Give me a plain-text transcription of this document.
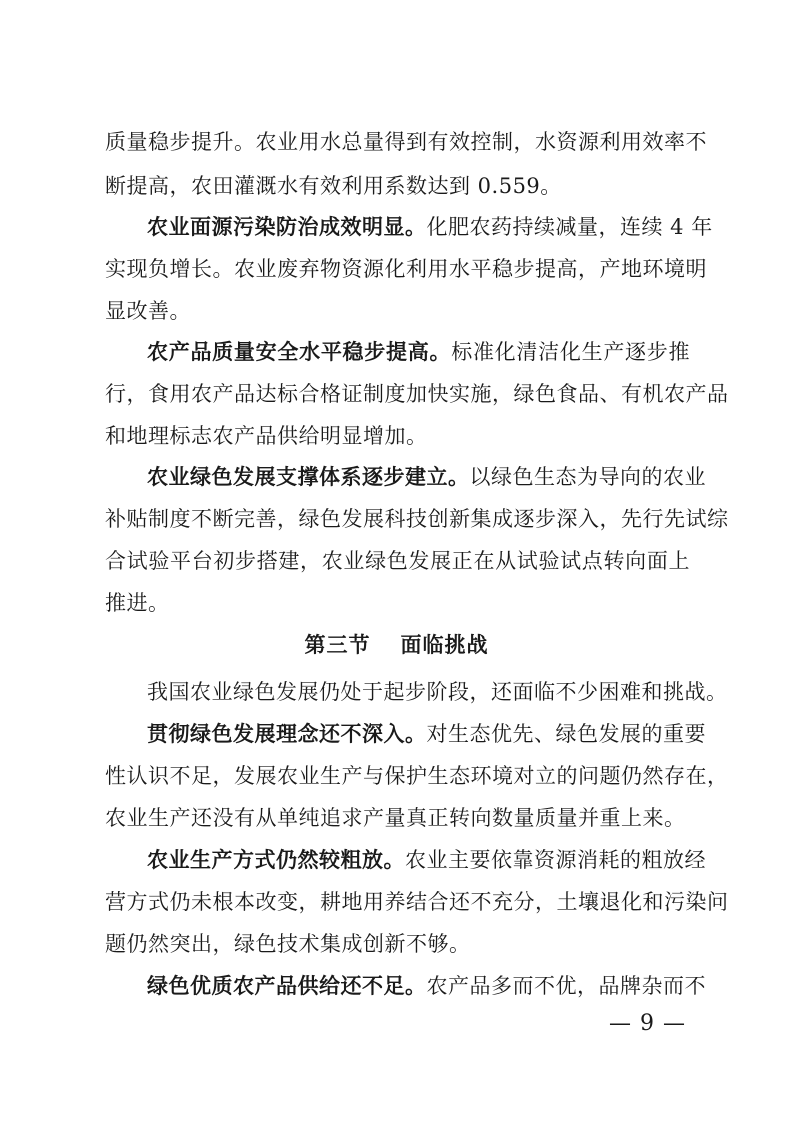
质量稳步提升。农业用水总量得到有效控制，水资源利用效率不
断提高，农田灌溉水有效利用系数达到 0.559。
农业面源污染防治成效明显。化肥农药持续减量，连续 4 年
实现负增长。农业废弃物资源化利用水平稳步提高，产地环境明
显改善。
农产品质量安全水平稳步提高。标准化清洁化生产逐步推
行，食用农产品达标合格证制度加快实施，绿色食品、有机农产品
和地理标志农产品供给明显增加。
农业绿色发展支撑体系逐步建立。以绿色生态为导向的农业
补贴制度不断完善，绿色发展科技创新集成逐步深入，先行先试综
合试验平台初步搭建，农业绿色发展正在从试验试点转向面上
推进。
第三节 面临挑战
我国农业绿色发展仍处于起步阶段，还面临不少困难和挑战。
贯彻绿色发展理念还不深入。对生态优先、绿色发展的重要
性认识不足，发展农业生产与保护生态环境对立的问题仍然存在，
农业生产还没有从单纯追求产量真正转向数量质量并重上来。
农业生产方式仍然较粗放。农业主要依靠资源消耗的粗放经
营方式仍未根本改变，耕地用养结合还不充分，土壤退化和污染问
题仍然突出，绿色技术集成创新不够。
绿色优质农产品供给还不足。农产品多而不优，品牌杂而不
— 9 —
